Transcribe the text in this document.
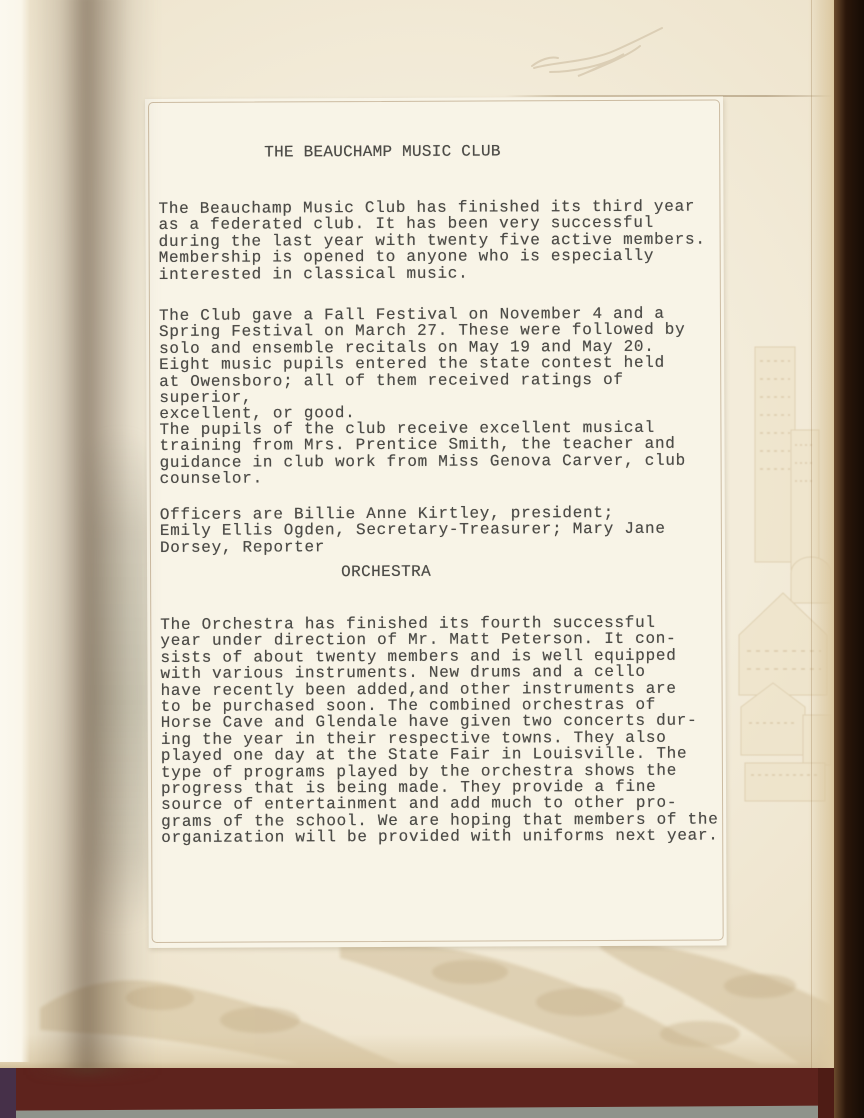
THE BEAUCHAMP MUSIC CLUB

The Beauchamp Music Club has finished its third year
as a federated club. It has been very successful
during the last year with twenty five active members.
Membership is opened to anyone who is especially
interested in classical music.

The Club gave a Fall Festival on November 4 and a
Spring Festival on March 27. These were followed by
solo and ensemble recitals on May 19 and May 20.
Eight music pupils entered the state contest held
at Owensboro; all of them received ratings of superior,
excellent, or good.

The pupils of the club receive excellent musical
training from Mrs. Prentice Smith, the teacher and
guidance in club work from Miss Genova Carver, club
counselor.

Officers are Billie Anne Kirtley, president;
Emily Ellis Ogden, Secretary-Treasurer; Mary Jane
Dorsey, Reporter

ORCHESTRA

The Orchestra has finished its fourth successful
year under direction of Mr. Matt Peterson. It con-
sists of about twenty members and is well equipped
with various instruments. New drums and a cello
have recently been added,and other instruments are
to be purchased soon. The combined orchestras of
Horse Cave and Glendale have given two concerts dur-
ing the year in their respective towns. They also
played one day at the State Fair in Louisville. The
type of programs played by the orchestra shows the
progress that is being made. They provide a fine
source of entertainment and add much to other pro-
grams of the school. We are hoping that members of the
organization will be provided with uniforms next year.
